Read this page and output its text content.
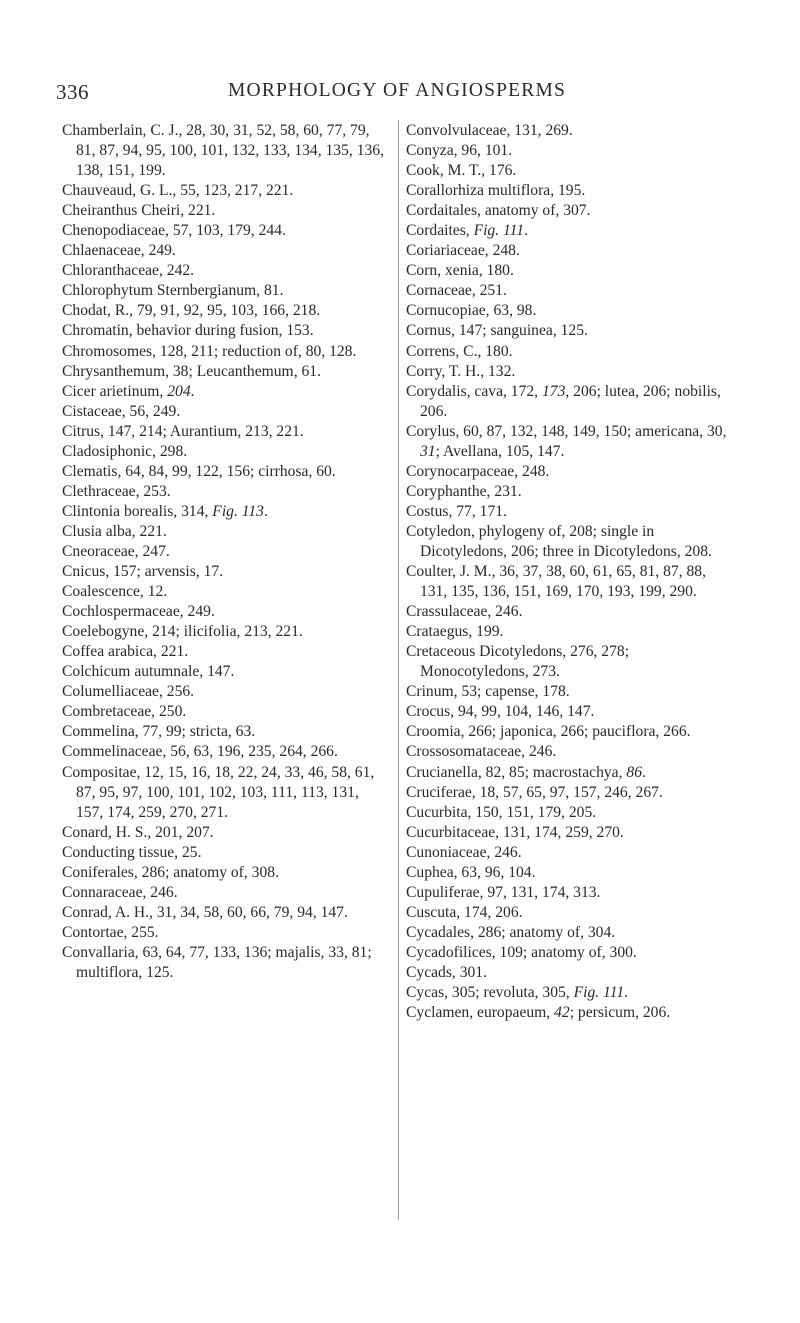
336	MORPHOLOGY OF ANGIOSPERMS

Chamberlain, C. J., 28, 30, 31, 52, 58, 60, 77, 79, 81, 87, 94, 95, 100, 101, 132, 133, 134, 135, 136, 138, 151, 199.

Chauveaud, G. L., 55, 123, 217, 221.

Cheiranthus Cheiri, 221.

Chenopodiaceae, 57, 103, 179, 244.

Chlaenaceae, 249.

Chloranthaceae, 242.

Chlorophytum Sternbergianum, 81.

Chodat, R., 79, 91, 92, 95, 103, 166, 218.

Chromatin, behavior during fusion, 153.

Chromosomes, 128, 211; reduction of, 80, 128.

Chrysanthemum, 38; Leucanthemum, 61.

Cicer arietinum, 204.

Cistaceae, 56, 249.

Citrus, 147, 214; Aurantium, 213, 221.

Cladosiphonic, 298.

Clematis, 64, 84, 99, 122, 156; cirrhosa, 60.

Clethraceae, 253.

Clintonia borealis, 314, Fig. 113.

Clusia alba, 221.

Cneoraceae, 247.

Cnicus, 157; arvensis, 17.

Coalescence, 12.

Cochlospermaceae, 249.

Coelebogyne, 214; ilicifolia, 213, 221.

Coffea arabica, 221.

Colchicum autumnale, 147.

Columelliaceae, 256.

Combretaceae, 250.

Commelina, 77, 99; stricta, 63.

Commelinaceae, 56, 63, 196, 235, 264, 266.

Compositae, 12, 15, 16, 18, 22, 24, 33, 46, 58, 61, 87, 95, 97, 100, 101, 102, 103, 111, 113, 131, 157, 174, 259, 270, 271.

Conard, H. S., 201, 207.

Conducting tissue, 25.

Coniferales, 286; anatomy of, 308.

Connaraceae, 246.

Conrad, A. H., 31, 34, 58, 60, 66, 79, 94, 147.

Contortae, 255.

Convallaria, 63, 64, 77, 133, 136; majalis, 33, 81; multiflora, 125.

Convolvulaceae, 131, 269.

Conyza, 96, 101.

Cook, M. T., 176.

Corallorhiza multiflora, 195.

Cordaitales, anatomy of, 307.

Cordaites, Fig. 111.

Coriariaceae, 248.

Corn, xenia, 180.

Cornaceae, 251.

Cornucopiae, 63, 98.

Cornus, 147; sanguinea, 125.

Correns, C., 180.

Corry, T. H., 132.

Corydalis, cava, 172, 173, 206; lutea, 206; nobilis, 206.

Corylus, 60, 87, 132, 148, 149, 150; americana, 30, 31; Avellana, 105, 147.

Corynocarpaceae, 248.

Coryphanthe, 231.

Costus, 77, 171.

Cotyledon, phylogeny of, 208; single in Dicotyledons, 206; three in Dicotyledons, 208.

Coulter, J. M., 36, 37, 38, 60, 61, 65, 81, 87, 88, 131, 135, 136, 151, 169, 170, 193, 199, 290.

Crassulaceae, 246.

Crataegus, 199.

Cretaceous Dicotyledons, 276, 278; Monocotyledons, 273.

Crinum, 53; capense, 178.

Crocus, 94, 99, 104, 146, 147.

Croomia, 266; japonica, 266; pauciflora, 266.

Crossosomataceae, 246.

Crucianella, 82, 85; macrostachya, 86.

Cruciferae, 18, 57, 65, 97, 157, 246, 267.

Cucurbita, 150, 151, 179, 205.

Cucurbitaceae, 131, 174, 259, 270.

Cunoniaceae, 246.

Cuphea, 63, 96, 104.

Cupuliferae, 97, 131, 174, 313.

Cuscuta, 174, 206.

Cycadales, 286; anatomy of, 304.

Cycadofilices, 109; anatomy of, 300.

Cycads, 301.

Cycas, 305; revoluta, 305, Fig. 111.

Cyclamen, europaeum, 42; persicum, 206.
